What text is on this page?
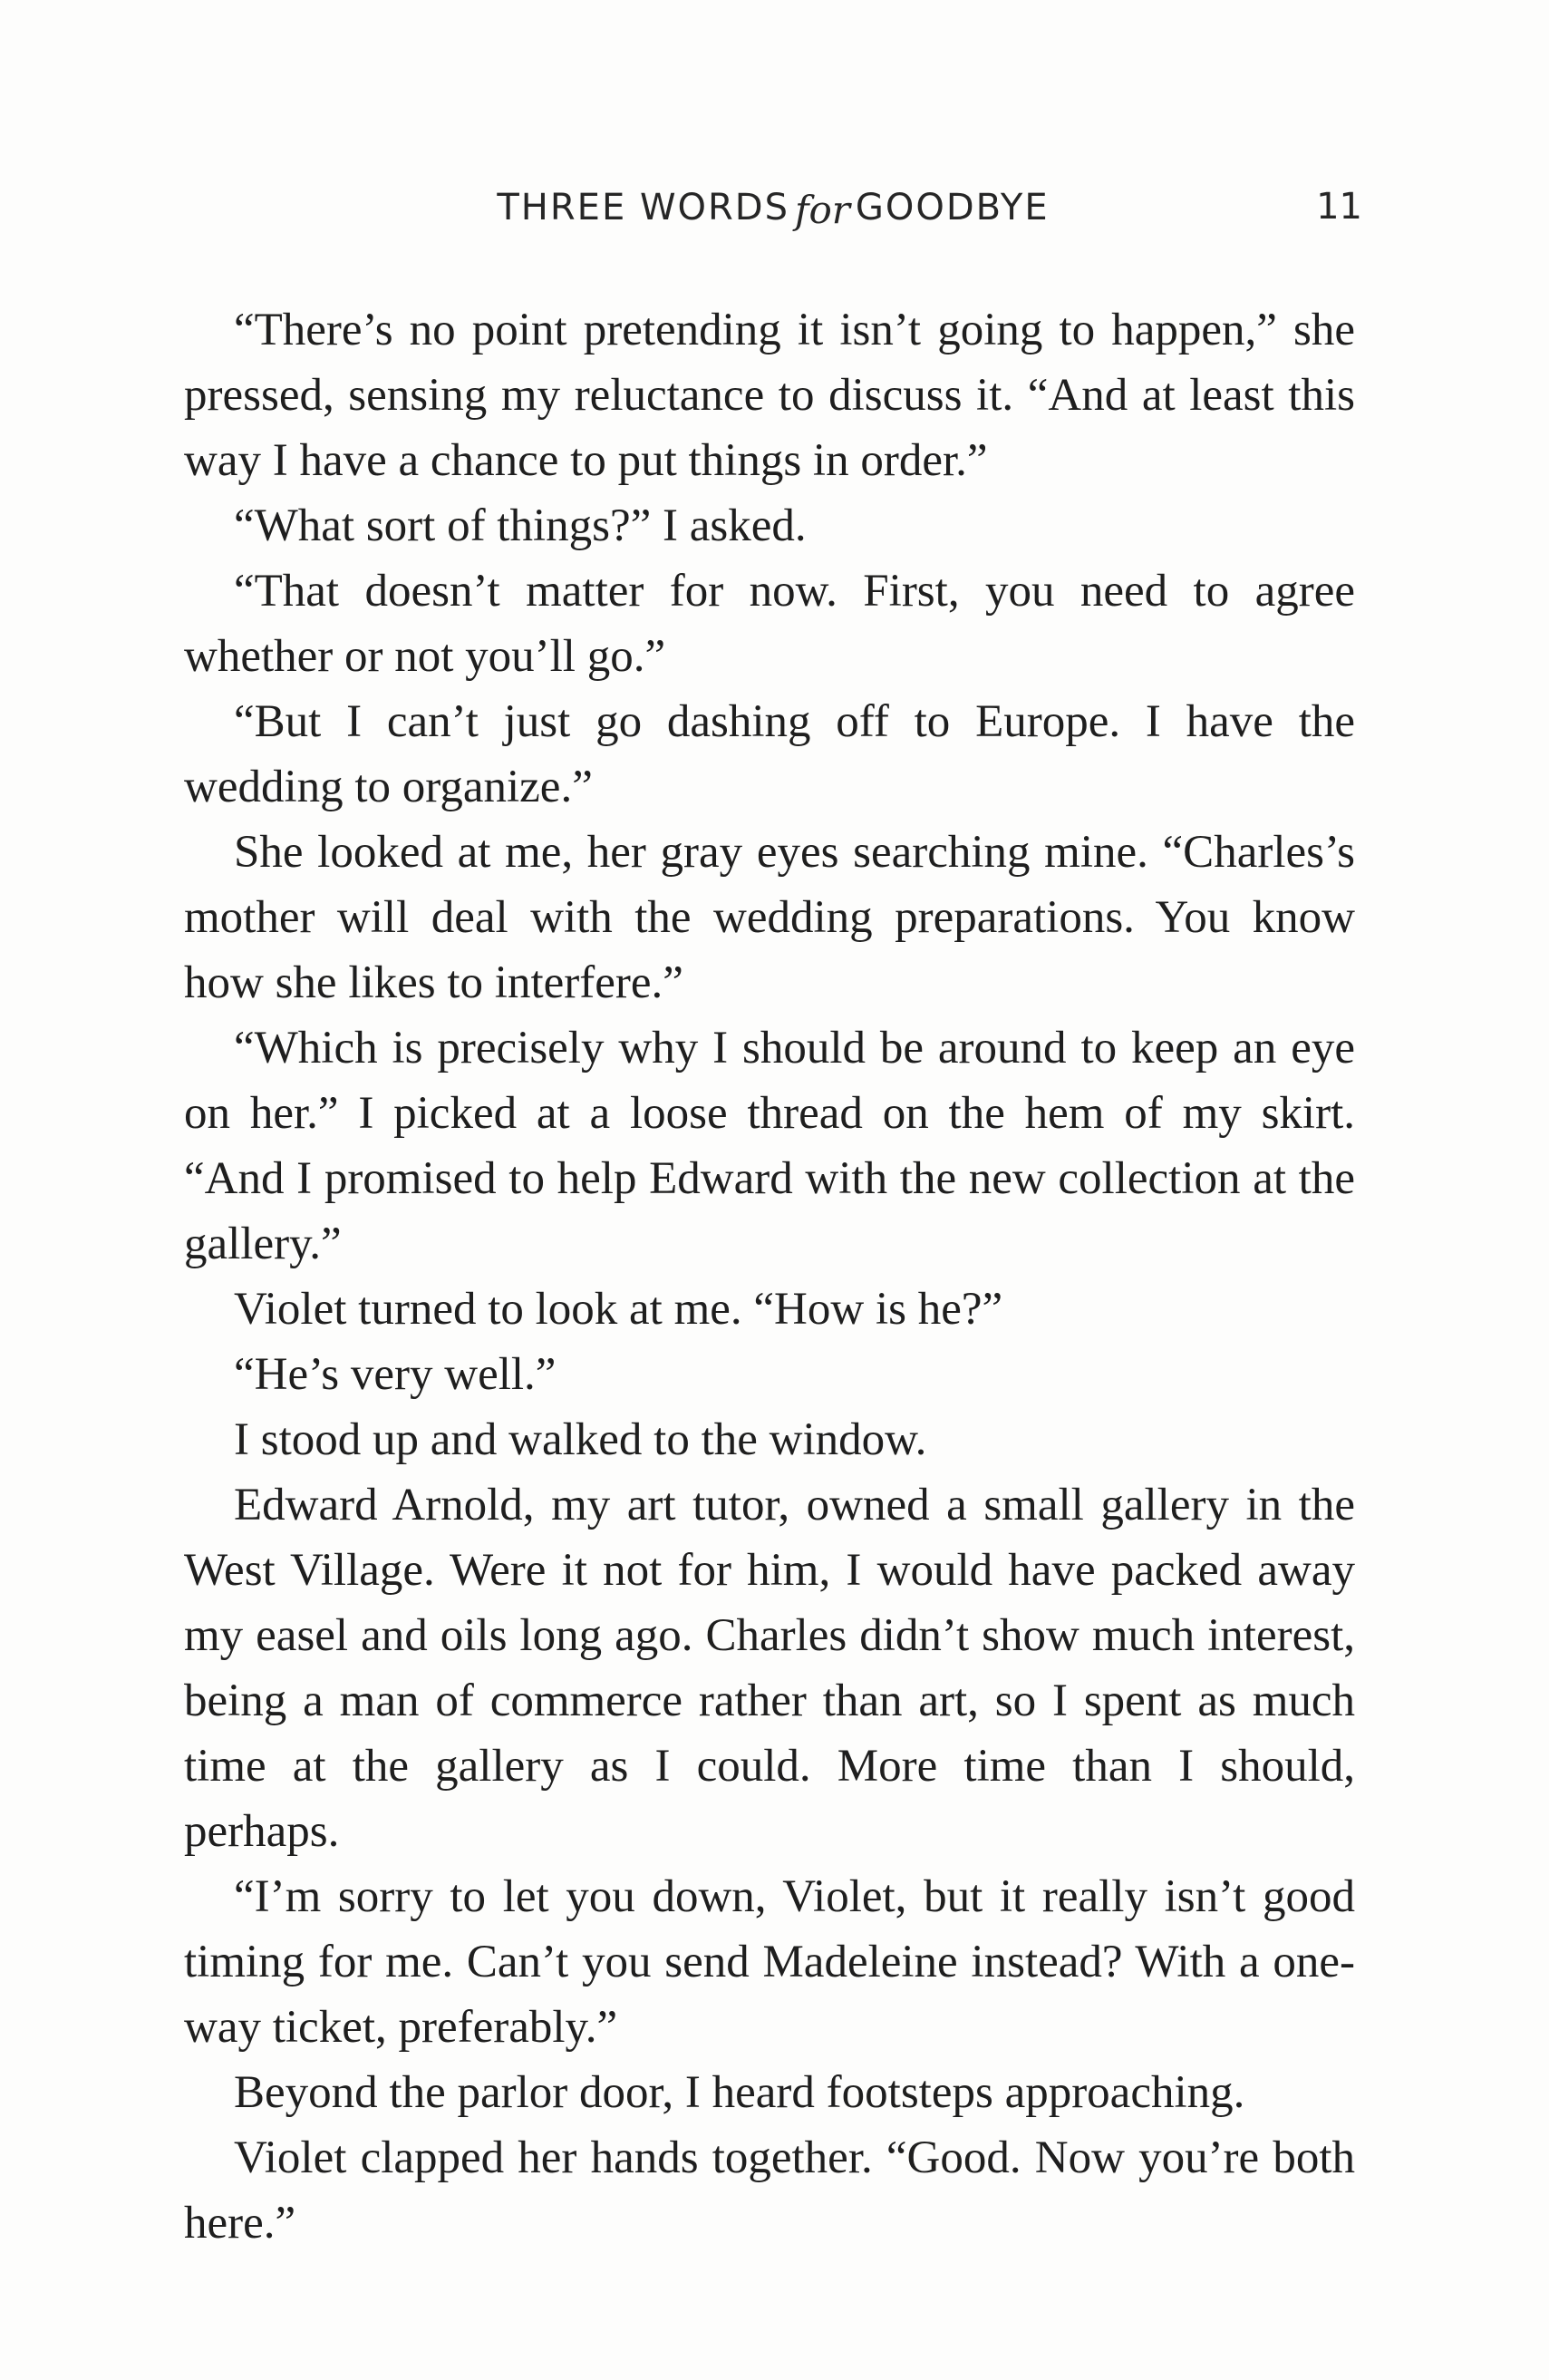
THREE WORDS for GOODBYE	11

“There’s no point pretending it isn’t going to happen,” she pressed, sensing my reluctance to discuss it. “And at least this way I have a chance to put things in order.”

“What sort of things?” I asked.

“That doesn’t matter for now. First, you need to agree whether or not you’ll go.”

“But I can’t just go dashing off to Europe. I have the wedding to organize.”

She looked at me, her gray eyes searching mine. “Charles’s mother will deal with the wedding preparations. You know how she likes to interfere.”

“Which is precisely why I should be around to keep an eye on her.” I picked at a loose thread on the hem of my skirt. “And I promised to help Edward with the new collection at the gallery.”

Violet turned to look at me. “How is he?”

“He’s very well.”

I stood up and walked to the window.

Edward Arnold, my art tutor, owned a small gallery in the West Village. Were it not for him, I would have packed away my easel and oils long ago. Charles didn’t show much interest, being a man of commerce rather than art, so I spent as much time at the gallery as I could. More time than I should, perhaps.

“I’m sorry to let you down, Violet, but it really isn’t good timing for me. Can’t you send Madeleine instead? With a one-way ticket, preferably.”

Beyond the parlor door, I heard footsteps approaching.

Violet clapped her hands together. “Good. Now you’re both here.”
